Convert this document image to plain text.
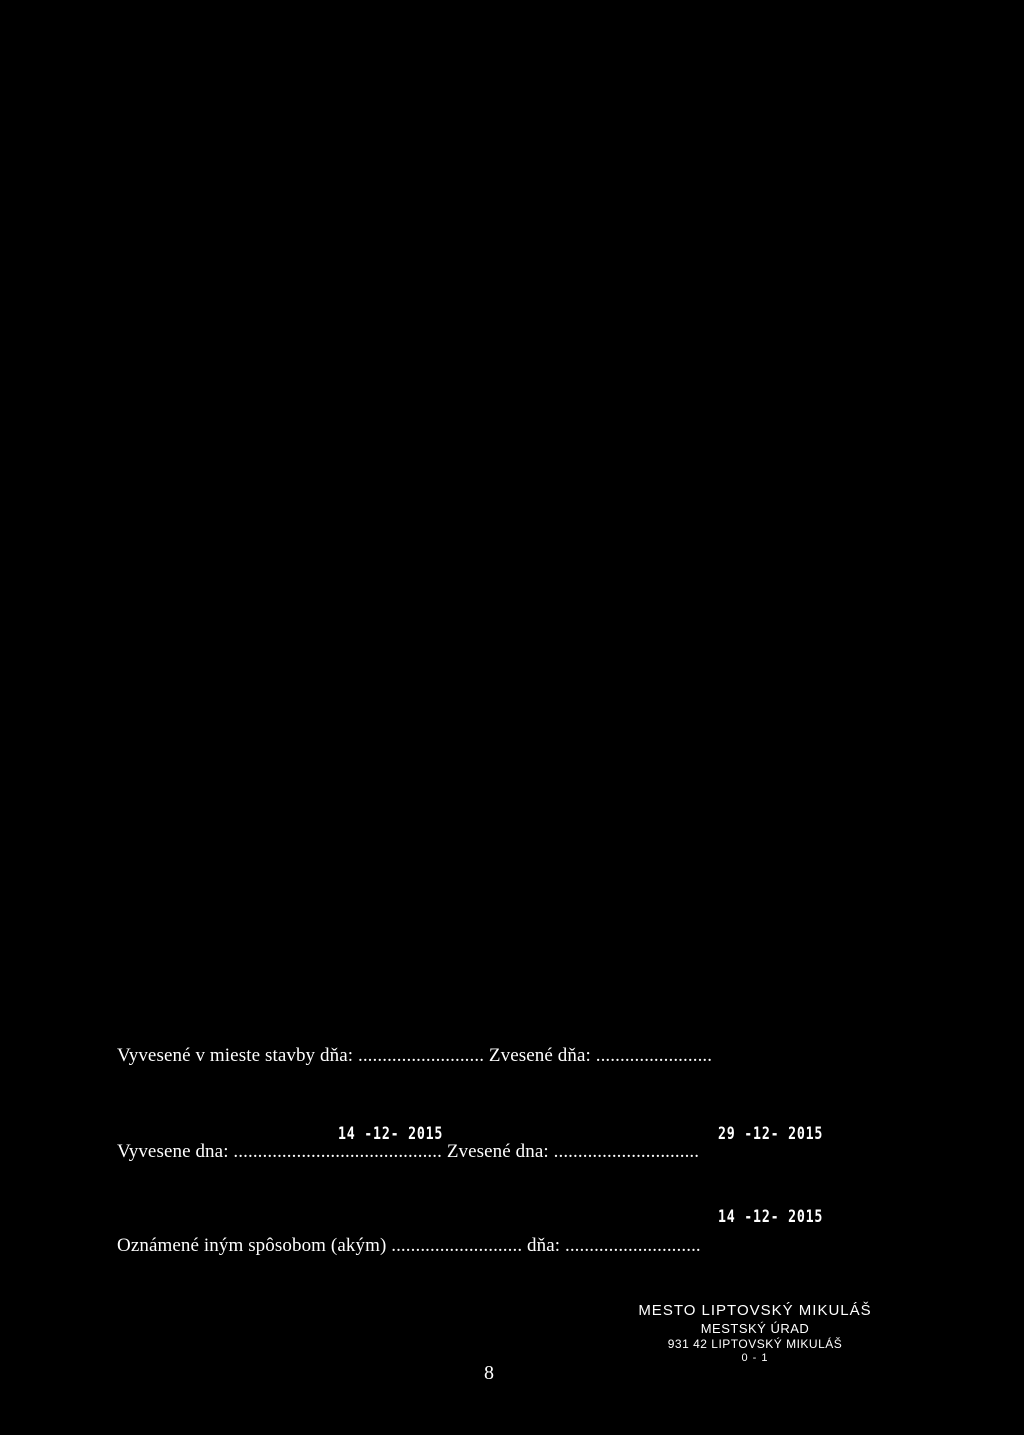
Vyvesené v mieste stavby dňa: .......................... Zvesené dňa: ........................
14 -12- 2015	29 -12- 2015
Vyvesene dna: ........................................... Zvesené dna: ..............................
14 -12- 2015
Oznámené iným spôsobom (akým) ........................... dňa: ............................
8
MESTO LIPTOVSKÝ MIKULÁŠ
MESTSKÝ ÚRAD
931 42 LIPTOVSKÝ MIKULÁŠ
0 - 1
